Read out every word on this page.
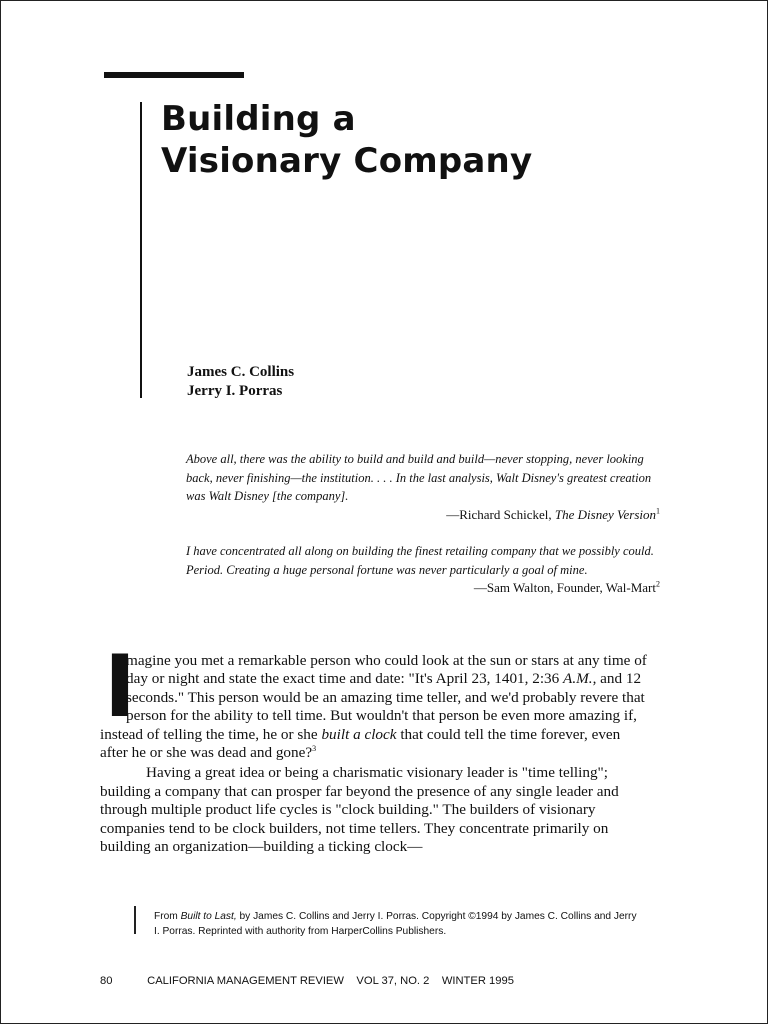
Building a
Visionary Company
James C. Collins
Jerry I. Porras

Above all, there was the ability to build and build and build—never stopping, never looking back, never finishing—the institution. . . . In the last analysis, Walt Disney's greatest creation was Walt Disney [the company].

—Richard Schickel, The Disney Version$^1$

I have concentrated all along on building the finest retailing company that we possibly could. Period. Creating a huge personal fortune was never particularly a goal of mine.

—Sam Walton, Founder, Wal-Mart$^2$

I
magine you met a remarkable person who could look at the sun or stars at any time of day or night and state the exact time and date: "It's April 23, 1401, 2:36 A.M., and 12 seconds." This person would be an amazing time teller, and we'd probably revere that person for the ability to tell time. But wouldn't that person be even more amazing if, instead of telling the time, he or she built a clock that could tell the time forever, even after he or she was dead and gone?$^3$

Having a great idea or being a charismatic visionary leader is "time telling"; building a company that can prosper far beyond the presence of any single leader and through multiple product life cycles is "clock building." The builders of visionary companies tend to be clock builders, not time tellers. They concentrate primarily on building an organization—building a ticking clock—

From Built to Last, by James C. Collins and Jerry I. Porras. Copyright ©1994 by James C. Collins and Jerry I. Porras. Reprinted with authority from HarperCollins Publishers.

80	CALIFORNIA MANAGEMENT REVIEW VOL 37, NO. 2 WINTER 1995
